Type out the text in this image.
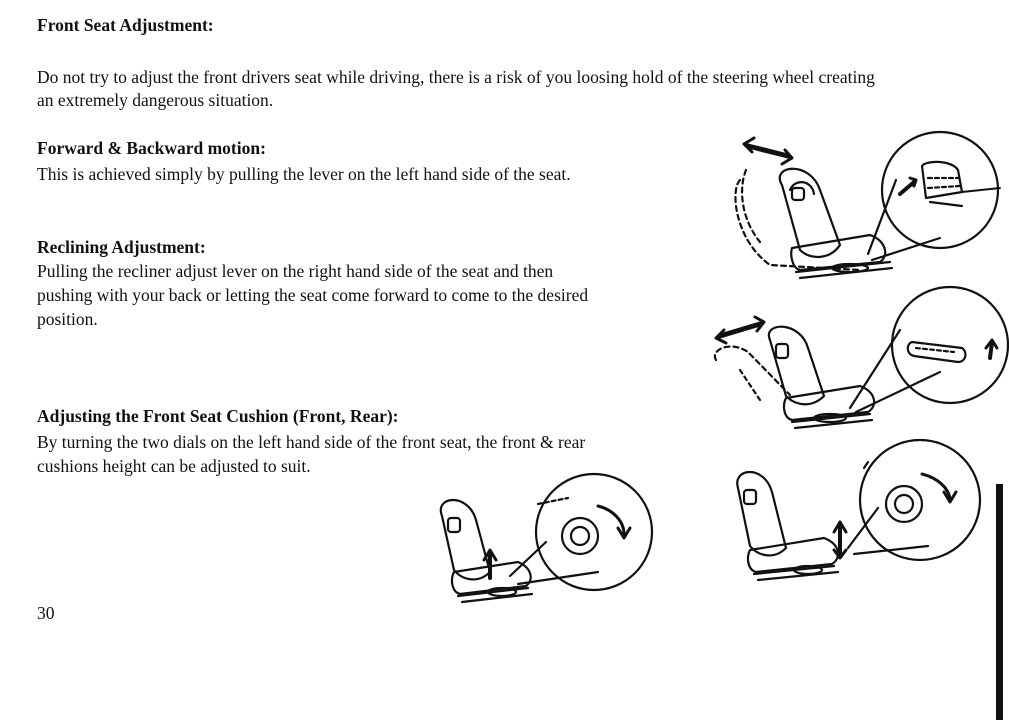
Front Seat Adjustment:
Do not try to adjust the front drivers seat while driving, there is a risk of you loosing hold of the steering wheel creating
an extremely dangerous situation.
Forward & Backward motion:
This is achieved simply by pulling the lever on the left hand side of the seat.
Reclining Adjustment:
Pulling the recliner adjust lever on the right hand side of the seat and then
pushing with your back or letting the seat come forward to come to the desired
position.
Adjusting the Front Seat Cushion (Front, Rear):
By turning the two dials on the left hand side of the front seat, the front & rear
cushions height can be adjusted to suit.
30
